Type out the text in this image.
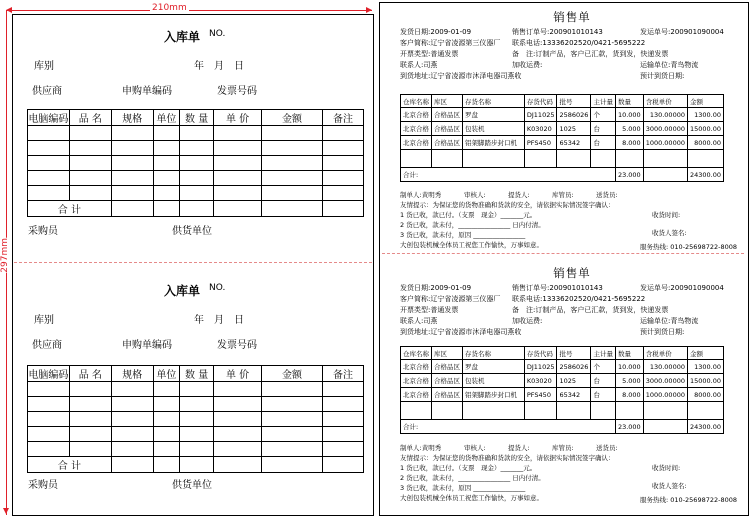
210mm
297mm
入库单 NO.
库别	年 月 日
供应商	申购单编码	发票号码
电脑编码	品 名	规格	单位	数 量	单 价	金额	备注

合 计							
采购员	供货单位
入库单 NO.
库别	年 月 日
供应商	申购单编码	发票号码
电脑编码	品 名	规格	单位	数 量	单 价	金额	备注

合 计							
采购员	供货单位
销售单
发货日期:2009-01-09	销售订单号:200901010143	发运单号:200901090004
客户简称:辽宁省凌源第三仪器厂	联系电话:13336202520/0421-5695222
开票类型:普通发票	备　注:订制产品，客户已汇款，货到发，快递发票
联系人:司燕	加收运费:	运输单位:青鸟物流
到货地址:辽宁省凌源市沐泽电器司燕收	预计到货日期:
仓库名称	库区	存货名称	存货代码	批号	主计量	数量	含税单价	金额
北京合格	合格品区	罗盘	DJ11025	2586026	个	10.000	130.00000	1300.00
北京合格	合格品区	包装机	K03020	1025	台	5.000	3000.00000	15000.00
北京合格	合格品区	铝架脚踏步封口机	PFS450	65342	台	8.000	1000.00000	8000.00

合计:						23.000		24300.00
制单人:黄明秀	审核人:	提货人:	库管员:	送货员:
友情提示：为保证您的货物准确和货款的安全，请依据实际情况签字确认：
1 货已收，款已付。（支票　现金）_______元。	收货时间:
2 货已收，款未付，________________ 日内付清。
3 货已收，款未付，原因 ________________	收货人签名:
大创包装机械全体员工祝您工作愉快，万事如意。	服务热线: 010-25698722-8008
销售单
发货日期:2009-01-09	销售订单号:200901010143	发运单号:200901090004
客户简称:辽宁省凌源第三仪器厂	联系电话:13336202520/0421-5695222
开票类型:普通发票	备　注:订制产品，客户已汇款，货到发，快递发票
联系人:司燕	加收运费:	运输单位:青鸟物流
到货地址:辽宁省凌源市沐泽电器司燕收	预计到货日期:
仓库名称	库区	存货名称	存货代码	批号	主计量	数量	含税单价	金额
北京合格	合格品区	罗盘	DJ11025	2586026	个	10.000	130.00000	1300.00
北京合格	合格品区	包装机	K03020	1025	台	5.000	3000.00000	15000.00
北京合格	合格品区	铝架脚踏步封口机	PFS450	65342	台	8.000	1000.00000	8000.00

合计:						23.000		24300.00
制单人:黄明秀	审核人:	提货人:	库管员:	送货员:
友情提示：为保证您的货物准确和货款的安全，请依据实际情况签字确认：
1 货已收，款已付。（支票　现金）_______元。	收货时间:
2 货已收，款未付，________________ 日内付清。
3 货已收，款未付，原因 ________________	收货人签名:
大创包装机械全体员工祝您工作愉快，万事如意。	服务热线: 010-25698722-8008
